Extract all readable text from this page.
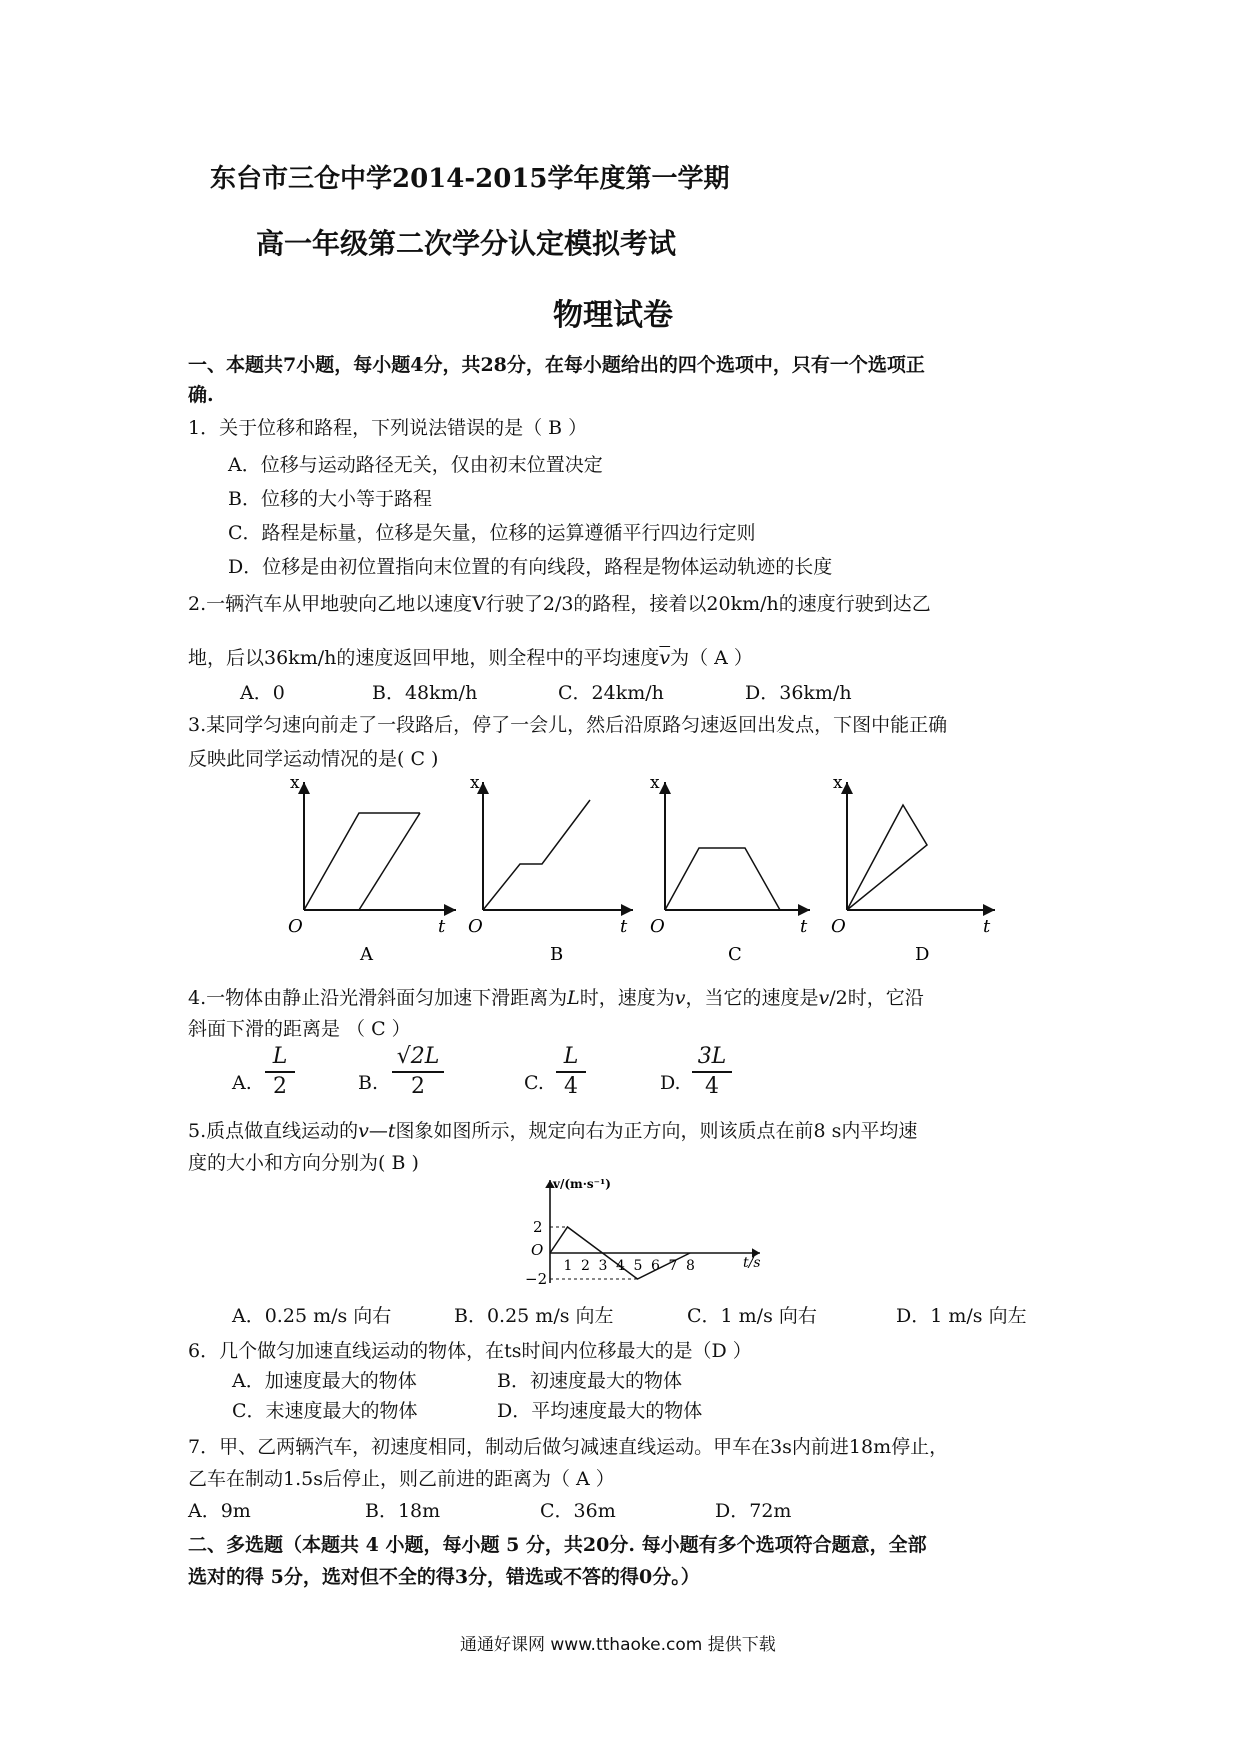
东台市三仓中学2014-2015学年度第一学期
高一年级第二次学分认定模拟考试
物理试卷
一、本题共7小题，每小题4分，共28分，在每小题给出的四个选项中，只有一个选项正
确.
1．关于位移和路程，下列说法错误的是（ B ）
A．位移与运动路径无关，仅由初末位置决定
B．位移的大小等于路程
C．路程是标量，位移是矢量，位移的运算遵循平行四边行定则
D．位移是由初位置指向末位置的有向线段，路程是物体运动轨迹的长度
2.一辆汽车从甲地驶向乙地以速度V行驶了2/3的路程，接着以20km/h的速度行驶到达乙
地，后以36km/h的速度返回甲地，则全程中的平均速度$\overline{v}$为（ A ）
A．0	B．48km/h	C．24km/h	D．36km/h
3.某同学匀速向前走了一段路后，停了一会儿，然后沿原路匀速返回出发点，下图中能正确
反映此同学运动情况的是( C )
x
O	t
A
x
O	t
B
x
O	t
C
x
O	t
D
4.一物体由静止沿光滑斜面匀加速下滑距离为L时，速度为v，当它的速度是v/2时，它沿
斜面下滑的距离是 （ C ）
A.
L
2	B.
√2L
2	C.
L
4	D.
3L
4
5.质点做直线运动的v—t图象如图所示，规定向右为正方向，则该质点在前8 s内平均速
度的大小和方向分别为( B )
1 2 3 4 5 6 7 8
v/(m·s⁻¹)
t/s
O
2
−2
A．0.25 m/s 向右	B．0.25 m/s 向左	C．1 m/s 向右	D．1 m/s 向左
6．几个做匀加速直线运动的物体，在ts时间内位移最大的是（D ）
A．加速度最大的物体	B．初速度最大的物体
C．末速度最大的物体	D．平均速度最大的物体
7．甲、乙两辆汽车，初速度相同，制动后做匀减速直线运动。甲车在3s内前进18m停止，
乙车在制动1.5s后停止，则乙前进的距离为（ A ）
A．9m	B．18m	C．36m	D．72m
二、多选题（本题共 4 小题，每小题 5 分，共20分. 每小题有多个选项符合题意，全部
选对的得 5分，选对但不全的得3分，错选或不答的得0分。）
通通好课网 www.tthaoke.com 提供下载
